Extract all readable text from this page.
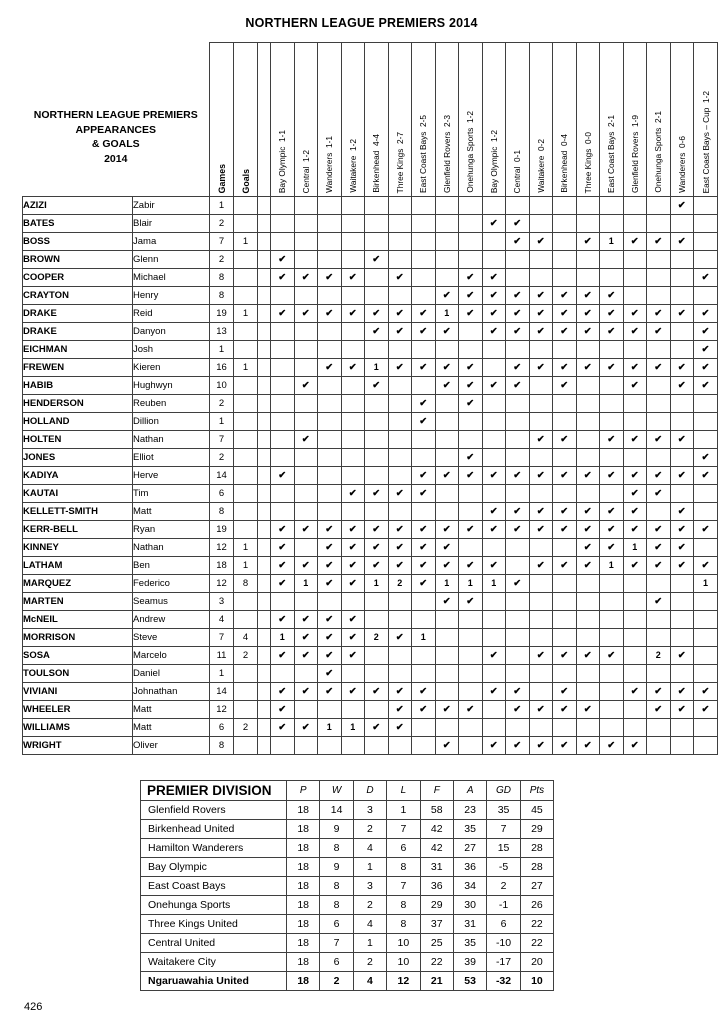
NORTHERN LEAGUE PREMIERS 2014
NORTHERN LEAGUE PREMIERS
APPEARANCES
& GOALS
2014		Games	Goals		Bay Olympic  1-1	Central  1-2	Wanderers  1-1	Waitakere  1-2	Birkenhead  4-4	Three Kings  2-7	East Coast Bays  2-5	Glenfield Rovers  2-3	Onehunga Sports  1-2	Bay Olympic  1-2	Central  0-1	Waitakere  0-2	Birkenhead  0-4	Three Kings  0-0	East Coast Bays  2-1	Glenfield Rovers  1-9	Onehunga Sports  2-1	Wanderers  0-6	East Coast Bays – Cup  1-2

AZIZI	Zabir	1																				✔	
BATES	Blair	2												✔	✔								
BOSS	Jama	7	1												✔	✔		✔	1	✔	✔	✔	
BROWN	Glenn	2			✔				✔														
COOPER	Michael	8			✔	✔	✔	✔		✔			✔	✔									✔
CRAYTON	Henry	8										✔	✔	✔	✔	✔	✔	✔	✔				
DRAKE	Reid	19	1		✔	✔	✔	✔	✔	✔	✔	1	✔	✔	✔	✔	✔	✔	✔	✔	✔	✔	✔
DRAKE	Danyon	13							✔	✔	✔	✔		✔	✔	✔	✔	✔	✔	✔	✔		✔
EICHMAN	Josh	1																					✔
FREWEN	Kieren	16	1				✔	✔	1	✔	✔	✔	✔		✔	✔	✔	✔	✔	✔	✔	✔	✔
HABIB	Hughwyn	10				✔			✔			✔	✔	✔	✔		✔			✔		✔	✔
HENDERSON	Reuben	2									✔		✔										
HOLLAND	Dillion	1									✔												
HOLTEN	Nathan	7				✔										✔	✔		✔	✔	✔	✔	
JONES	Elliot	2											✔										✔
KADIYA	Herve	14			✔						✔	✔	✔	✔	✔	✔	✔	✔	✔	✔	✔	✔	✔
KAUTAI	Tim	6						✔	✔	✔	✔									✔	✔		
KELLETT-SMITH	Matt	8												✔	✔	✔	✔	✔	✔	✔		✔	
KERR-BELL	Ryan	19			✔	✔	✔	✔	✔	✔	✔	✔	✔	✔	✔	✔	✔	✔	✔	✔	✔	✔	✔
KINNEY	Nathan	12	1		✔		✔	✔	✔	✔	✔	✔						✔	✔	1	✔	✔	
LATHAM	Ben	18	1		✔	✔	✔	✔	✔	✔	✔	✔	✔	✔		✔	✔	✔	1	✔	✔	✔	✔
MARQUEZ	Federico	12	8		✔	1	✔	✔	1	2	✔	1	1	1	✔								1
MARTEN	Seamus	3										✔	✔								✔		
McNEIL	Andrew	4			✔	✔	✔	✔															
MORRISON	Steve	7	4		1	✔	✔	✔	2	✔	1												
SOSA	Marcelo	11	2		✔	✔	✔	✔						✔		✔	✔	✔	✔		2	✔	
TOULSON	Daniel	1					✔																
VIVIANI	Johnathan	14			✔	✔	✔	✔	✔	✔	✔			✔	✔		✔			✔	✔	✔	✔
WHEELER	Matt	12			✔					✔	✔	✔	✔		✔	✔	✔	✔			✔	✔	✔
WILLIAMS	Matt	6	2		✔	✔	1	1	✔	✔													
WRIGHT	Oliver	8										✔		✔	✔	✔	✔	✔	✔	✔			
PREMIER DIVISION	P	W	D	L	F	A	GD	Pts
Glenfield Rovers	18	14	3	1	58	23	35	45
Birkenhead United	18	9	2	7	42	35	7	29
Hamilton Wanderers	18	8	4	6	42	27	15	28
Bay Olympic	18	9	1	8	31	36	-5	28
East Coast Bays	18	8	3	7	36	34	2	27
Onehunga Sports	18	8	2	8	29	30	-1	26
Three Kings United	18	6	4	8	37	31	6	22
Central United	18	7	1	10	25	35	-10	22
Waitakere City	18	6	2	10	22	39	-17	20
Ngaruawahia United	18	2	4	12	21	53	-32	10
426
